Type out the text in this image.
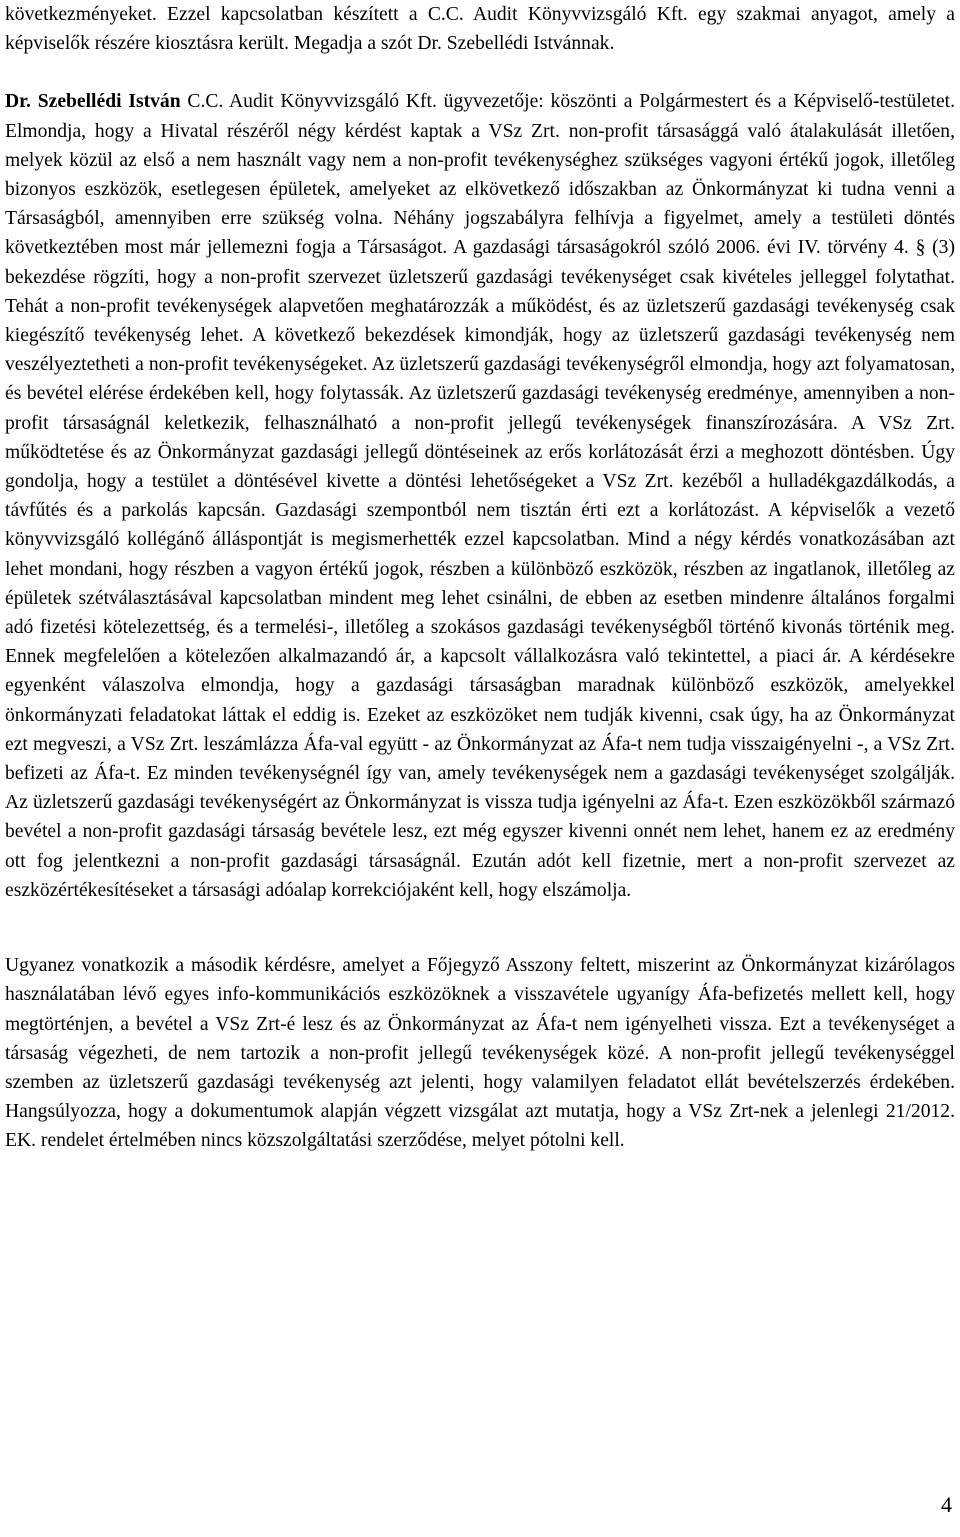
következményeket. Ezzel kapcsolatban készített a C.C. Audit Könyvvizsgáló Kft. egy szakmai anyagot, amely a képviselők részére kiosztásra került. Megadja a szót Dr. Szebellédi Istvánnak.

Dr. Szebellédi István C.C. Audit Könyvvizsgáló Kft. ügyvezetője: köszönti a Polgármestert és a Képviselő-testületet. Elmondja, hogy a Hivatal részéről négy kérdést kaptak a VSz Zrt. non-profit társasággá való átalakulását illetően, melyek közül az első a nem használt vagy nem a non-profit tevékenységhez szükséges vagyoni értékű jogok, illetőleg bizonyos eszközök, esetlegesen épületek, amelyeket az elkövetkező időszakban az Önkormányzat ki tudna venni a Társaságból, amennyiben erre szükség volna. Néhány jogszabályra felhívja a figyelmet, amely a testületi döntés következtében most már jellemezni fogja a Társaságot. A gazdasági társaságokról szóló 2006. évi IV. törvény 4. § (3) bekezdése rögzíti, hogy a non-profit szervezet üzletszerű gazdasági tevékenységet csak kivételes jelleggel folytathat. Tehát a non-profit tevékenységek alapvetően meghatározzák a működést, és az üzletszerű gazdasági tevékenység csak kiegészítő tevékenység lehet. A következő bekezdések kimondják, hogy az üzletszerű gazdasági tevékenység nem veszélyeztetheti a non-profit tevékenységeket. Az üzletszerű gazdasági tevékenységről elmondja, hogy azt folyamatosan, és bevétel elérése érdekében kell, hogy folytassák. Az üzletszerű gazdasági tevékenység eredménye, amennyiben a non-profit társaságnál keletkezik, felhasználható a non-profit jellegű tevékenységek finanszírozására. A VSz Zrt. működtetése és az Önkormányzat gazdasági jellegű döntéseinek az erős korlátozását érzi a meghozott döntésben. Úgy gondolja, hogy a testület a döntésével kivette a döntési lehetőségeket a VSz Zrt. kezéből a hulladékgazdálkodás, a távfűtés és a parkolás kapcsán. Gazdasági szempontból nem tisztán érti ezt a korlátozást. A képviselők a vezető könyvvizsgáló kollégánő álláspontját is megismerhették ezzel kapcsolatban. Mind a négy kérdés vonatkozásában azt lehet mondani, hogy részben a vagyon értékű jogok, részben a különböző eszközök, részben az ingatlanok, illetőleg az épületek szétválasztásával kapcsolatban mindent meg lehet csinálni, de ebben az esetben mindenre általános forgalmi adó fizetési kötelezettség, és a termelési-, illetőleg a szokásos gazdasági tevékenységből történő kivonás történik meg. Ennek megfelelően a kötelezően alkalmazandó ár, a kapcsolt vállalkozásra való tekintettel, a piaci ár. A kérdésekre egyenként válaszolva elmondja, hogy a gazdasági társaságban maradnak különböző eszközök, amelyekkel önkormányzati feladatokat láttak el eddig is. Ezeket az eszközöket nem tudják kivenni, csak úgy, ha az Önkormányzat ezt megveszi, a VSz Zrt. leszámlázza Áfa-val együtt - az Önkormányzat az Áfa-t nem tudja visszaigényelni -, a VSz Zrt. befizeti az Áfa-t. Ez minden tevékenységnél így van, amely tevékenységek nem a gazdasági tevékenységet szolgálják. Az üzletszerű gazdasági tevékenységért az Önkormányzat is vissza tudja igényelni az Áfa-t. Ezen eszközökből származó bevétel a non-profit gazdasági társaság bevétele lesz, ezt még egyszer kivenni onnét nem lehet, hanem ez az eredmény ott fog jelentkezni a non-profit gazdasági társaságnál. Ezután adót kell fizetnie, mert a non-profit szervezet az eszközértékesítéseket a társasági adóalap korrekciójaként kell, hogy elszámolja.

Ugyanez vonatkozik a második kérdésre, amelyet a Főjegyző Asszony feltett, miszerint az Önkormányzat kizárólagos használatában lévő egyes info-kommunikációs eszközöknek a visszavétele ugyanígy Áfa-befizetés mellett kell, hogy megtörténjen, a bevétel a VSz Zrt-é lesz és az Önkormányzat az Áfa-t nem igényelheti vissza. Ezt a tevékenységet a társaság végezheti, de nem tartozik a non-profit jellegű tevékenységek közé. A non-profit jellegű tevékenységgel szemben az üzletszerű gazdasági tevékenység azt jelenti, hogy valamilyen feladatot ellát bevételszerzés érdekében. Hangsúlyozza, hogy a dokumentumok alapján végzett vizsgálat azt mutatja, hogy a VSz Zrt-nek a jelenlegi 21/2012. EK. rendelet értelmében nincs közszolgáltatási szerződése, melyet pótolni kell.

4
